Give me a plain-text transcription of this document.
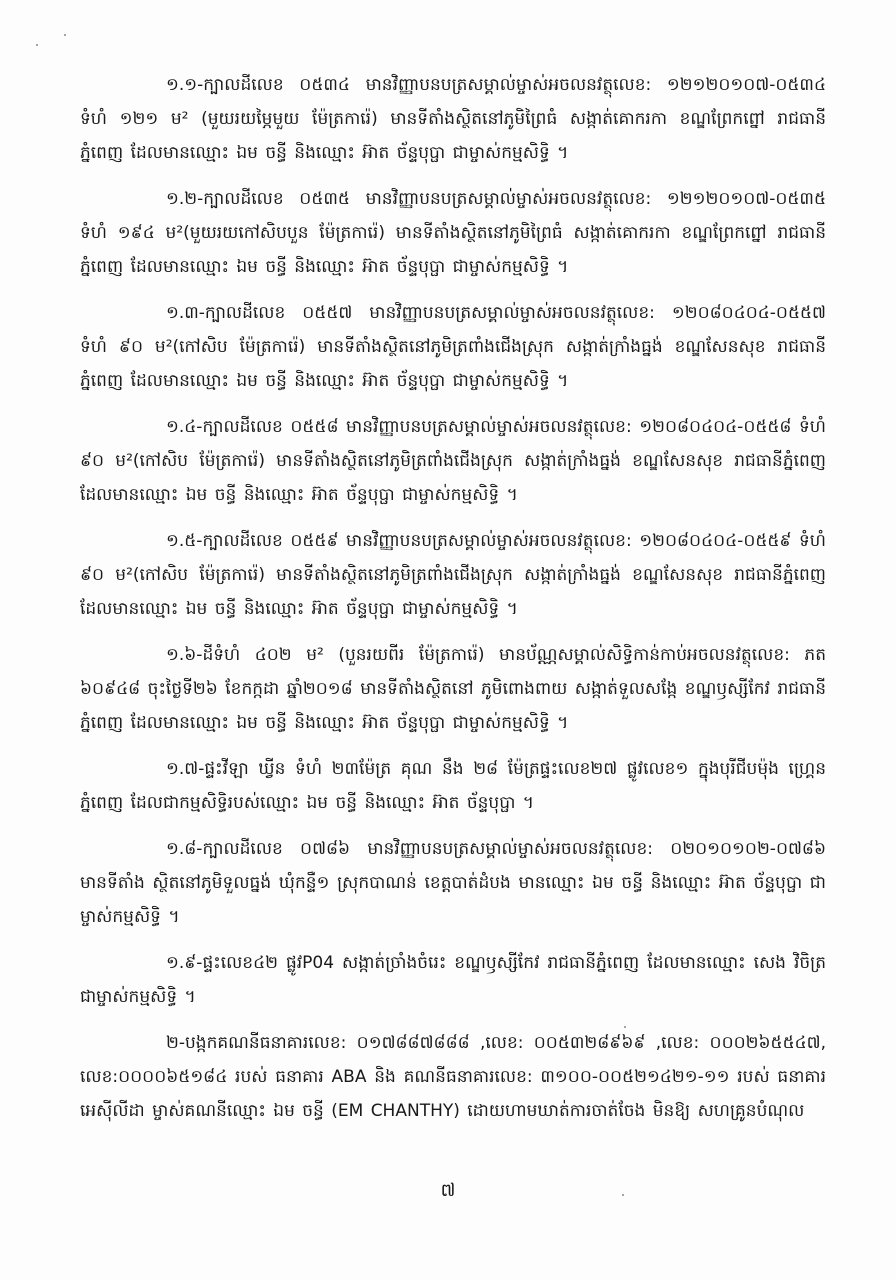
១.១-ក្បាលដីលេខ ០៥៣៤ មានវិញ្ញាបនបត្រសម្គាល់ម្ចាស់អចលនវត្ថុលេខ: ១២១២០១០៧-០៥៣៤ ទំហំ ១២១ ម² (មួយរយម្ភៃមួយ ម៉ែត្រការ៉េ) មានទីតាំងស្ថិតនៅភូមិព្រៃធំ សង្កាត់គោករកា ខណ្ឌព្រែកព្នៅ រាជធានីភ្នំពេញ ដែលមានឈ្មោះ ឯម ចន្ធី និងឈ្មោះ អ៊ាត ច័ន្ទបុប្ផា ជាម្ចាស់កម្មសិទ្ធិ ។

១.២-ក្បាលដីលេខ ០៥៣៥ មានវិញ្ញាបនបត្រសម្គាល់ម្ចាស់អចលនវត្ថុលេខ: ១២១២០១០៧-០៥៣៥ ទំហំ ១៩៤ ម²(មួយរយកៅសិបបួន ម៉ែត្រការ៉េ) មានទីតាំងស្ថិតនៅភូមិព្រៃធំ សង្កាត់គោករកា ខណ្ឌព្រែកព្នៅ រាជធានីភ្នំពេញ ដែលមានឈ្មោះ ឯម ចន្ធី និងឈ្មោះ អ៊ាត ច័ន្ទបុប្ផា ជាម្ចាស់កម្មសិទ្ធិ ។

១.៣-ក្បាលដីលេខ ០៥៥៧ មានវិញ្ញាបនបត្រសម្គាល់ម្ចាស់អចលនវត្ថុលេខ: ១២០៨០៤០៤-០៥៥៧ ទំហំ ៩០ ម²(កៅសិប ម៉ែត្រការ៉េ) មានទីតាំងស្ថិតនៅភូមិត្រពាំងជើងស្រុក សង្កាត់ក្រាំងធ្នង់ ខណ្ឌសែនសុខ រាជធានីភ្នំពេញ ដែលមានឈ្មោះ ឯម ចន្ធី និងឈ្មោះ អ៊ាត ច័ន្ទបុប្ផា ជាម្ចាស់កម្មសិទ្ធិ ។

១.៤-ក្បាលដីលេខ ០៥៥៨ មានវិញ្ញាបនបត្រសម្គាល់ម្ចាស់អចលនវត្ថុលេខ: ១២០៨០៤០៤-០៥៥៨ ទំហំ ៩០ ម²(កៅសិប ម៉ែត្រការ៉េ) មានទីតាំងស្ថិតនៅភូមិត្រពាំងជើងស្រុក សង្កាត់ក្រាំងធ្នង់ ខណ្ឌសែនសុខ រាជធានីភ្នំពេញ ដែលមានឈ្មោះ ឯម ចន្ធី និងឈ្មោះ អ៊ាត ច័ន្ទបុប្ផា ជាម្ចាស់កម្មសិទ្ធិ ។

១.៥-ក្បាលដីលេខ ០៥៥៩ មានវិញ្ញាបនបត្រសម្គាល់ម្ចាស់អចលនវត្ថុលេខ: ១២០៨០៤០៤-០៥៥៩ ទំហំ ៩០ ម²(កៅសិប ម៉ែត្រការ៉េ) មានទីតាំងស្ថិតនៅភូមិត្រពាំងជើងស្រុក សង្កាត់ក្រាំងធ្នង់ ខណ្ឌសែនសុខ រាជធានីភ្នំពេញ ដែលមានឈ្មោះ ឯម ចន្ធី និងឈ្មោះ អ៊ាត ច័ន្ទបុប្ផា ជាម្ចាស់កម្មសិទ្ធិ ។

១.៦-ដីទំហំ ៤០២ ម² (បួនរយពីរ ម៉ែត្រការ៉េ) មានប័ណ្ណសម្គាល់សិទ្ធិកាន់កាប់អចលនវត្ថុលេខ: ភត ៦០៩៤៨ ចុះថ្ងៃទី២៦ ខែកក្កដា ឆ្នាំ២០១៨ មានទីតាំងស្ថិតនៅ ភូមិពោងពាយ សង្កាត់ទួលសង្កែ ខណ្ឌឫស្សីកែវ រាជធានីភ្នំពេញ ដែលមានឈ្មោះ ឯម ចន្ធី និងឈ្មោះ អ៊ាត ច័ន្ទបុប្ផា ជាម្ចាស់កម្មសិទ្ធិ ។

១.៧-ផ្ទះវីឡា ឃ្វីន ទំហំ ២៣ម៉ែត្រ គុណ នឹង ២៨ ម៉ែត្រផ្ទះលេខ២៧ ផ្លូវលេខ១ ក្នុងបុរីជីបម៉ុង ហ្គ្រេនភ្នំពេញ ដែលជាកម្មសិទ្ធិរបស់ឈ្មោះ ឯម ចន្ធី និងឈ្មោះ អ៊ាត ច័ន្ទបុប្ផា ។

១.៨-ក្បាលដីលេខ ០៧៨៦ មានវិញ្ញាបនបត្រសម្គាល់ម្ចាស់អចលនវត្ថុលេខ: ០២០១០១០២-០៧៨៦ មានទីតាំង ស្ថិតនៅភូមិទួលធ្នង់ ឃុំកន្ទឺ១ ស្រុកបាណន់ ខេត្តបាត់ដំបង មានឈ្មោះ ឯម ចន្ធី និងឈ្មោះ អ៊ាត ច័ន្ទបុប្ផា ជាម្ចាស់កម្មសិទ្ធិ ។

១.៩-ផ្ទះលេខ៤២ ផ្លូវP04 សង្កាត់ច្រាំងចំរេះ ខណ្ឌឫស្សីកែវ រាជធានីភ្នំពេញ ដែលមានឈ្មោះ សេង វិចិត្រ ជាម្ចាស់កម្មសិទ្ធិ ។

២-បង្កកគណនីធនាគារលេខ: ០១៧៨៨៧៨៨៨ ,លេខ: ០០៥៣២៨៩៦៩ ,លេខ: ០០០២៦៥៥៤៧, លេខ:០០០០៦៥១៨៤ របស់ ធនាគារ ABA និង គណនីធនាគារលេខ: ៣១០០-០០៥២១៤២១-១១ របស់ ធនាគារ អេស៊ីលីដា ម្ចាស់គណនីឈ្មោះ ឯម ចន្ធី (EM CHANTHY) ដោយហាមឃាត់ការចាត់ចែង មិនឱ្យ សហគ្រូនបំណុល

៧
